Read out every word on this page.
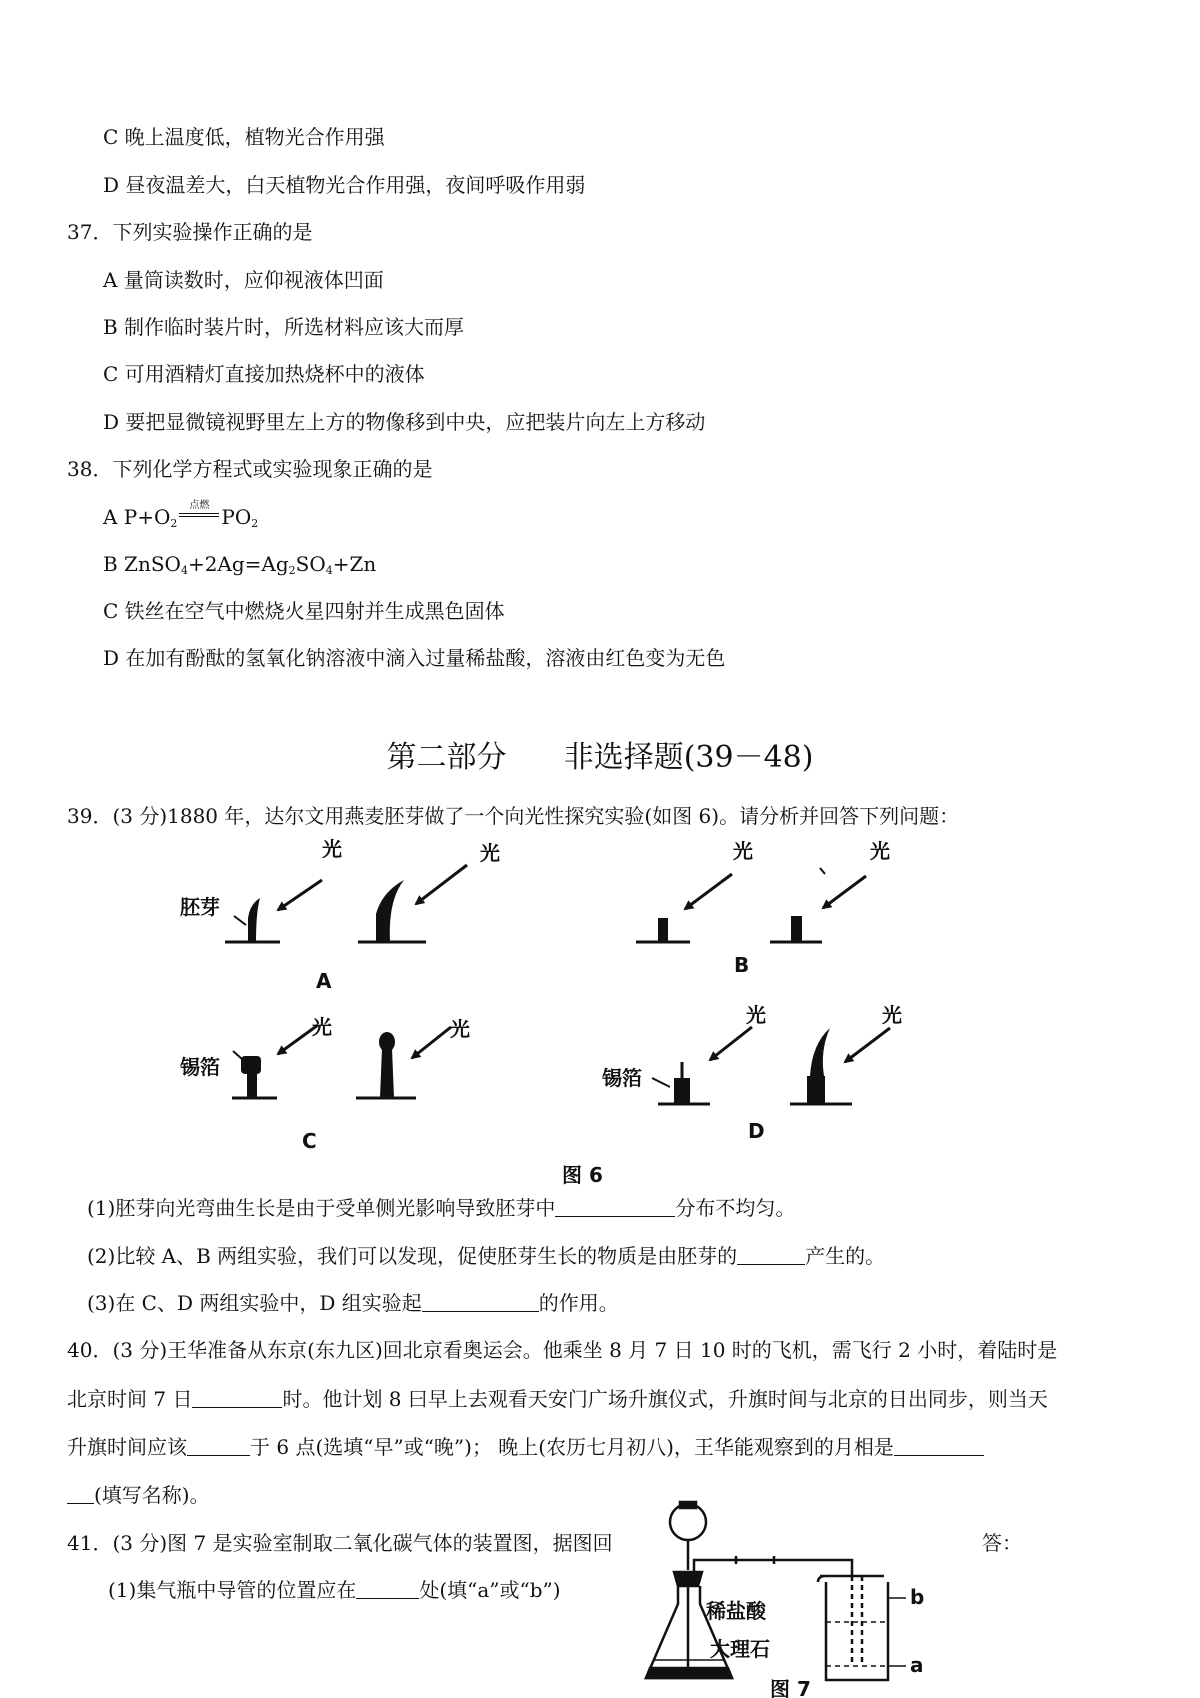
C 晚上温度低，植物光合作用强
D 昼夜温差大，白天植物光合作用强，夜间呼吸作用弱
37．下列实验操作正确的是
A 量筒读数时，应仰视液体凹面
B 制作临时装片时，所选材料应该大而厚
C 可用酒精灯直接加热烧杯中的液体
D 要把显微镜视野里左上方的物像移到中央，应把装片向左上方移动
38．下列化学方程式或实验现象正确的是
A $P+O_2$
点燃 $PO_2$
B $ZnSO_4+2Ag=Ag_2SO_4+Zn$
C 铁丝在空气中燃烧火星四射并生成黑色固体
D 在加有酚酞的氢氧化钠溶液中滴入过量稀盐酸，溶液由红色变为无色
第二部分      非选择题(39－48)
39．(3 分)1880 年，达尔文用燕麦胚芽做了一个向光性探究实验(如图 6)。请分析并回答下列问题：
光	光
胚芽
A
光	光
B
锡箔
光	光
C
光	光
锡箔
D
图 6
(1)胚芽向光弯曲生长是由于受单侧光影响导致胚芽中	分布不均匀。
(2)比较 A、B 两组实验，我们可以发现，促使胚芽生长的物质是由胚芽的	产生的。
(3)在 C、D 两组实验中，D 组实验起	的作用。
40．(3 分)王华准备从东京(东九区)回北京看奥运会。他乘坐 8 月 7 日 10 时的飞机，需飞行 2 小时，着陆时是
北京时间 7 日	时。他计划 8 曰早上去观看天安门广场升旗仪式，升旗时间与北京的日出同步，则当天
升旗时间应该	于 6 点(选填“早”或“晚”)； 晚上(农历七月初八)，王华能观察到的月相是
(填写名称)。
41．(3 分)图 7 是实验室制取二氧化碳气体的装置图，据图回	答：
(1)集气瓶中导管的位置应在	处(填“a”或“b”)
稀盐酸
大理石
b
a
图 7
